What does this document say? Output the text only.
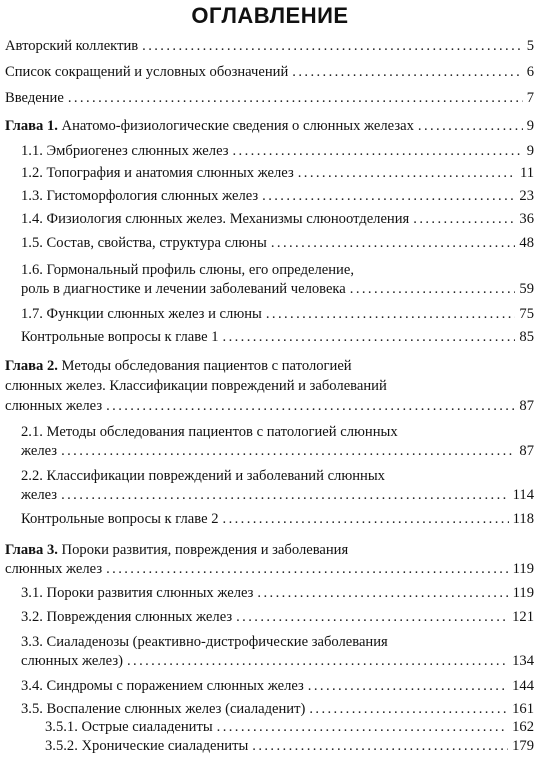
ОГЛАВЛЕНИЕ
Авторский коллектив .....	5
Список сокращений и условных обозначений .....	6
Введение .....	7
Глава 1. Анатомо-физиологические сведения о слюнных железах .....	9
1.1. Эмбриогенез слюнных желез .....	9
1.2. Топография и анатомия слюнных желез .....	11
1.3. Гистоморфология слюнных желез .....	23
1.4. Физиология слюнных желез. Механизмы слюноотделения .....	36
1.5. Состав, свойства, структура слюны .....	48
1.6. Гормональный профиль слюны, его определение,
роль в диагностике и лечении заболеваний человека .....	59
1.7. Функции слюнных желез и слюны .....	75
Контрольные вопросы к главе 1 .....	85
Глава 2. Методы обследования пациентов с патологией
слюнных желез. Классификации повреждений и заболеваний
слюнных желез .....	87
2.1. Методы обследования пациентов с патологией слюнных
желез .....	87
2.2. Классификации повреждений и заболеваний слюнных
желез .....	114
Контрольные вопросы к главе 2 .....	118
Глава 3. Пороки развития, повреждения и заболевания
слюнных желез .....	119
3.1. Пороки развития слюнных желез .....	119
3.2. Повреждения слюнных желез .....	121
3.3. Сиаладенозы (реактивно-дистрофические заболевания
слюнных желез) .....	134
3.4. Синдромы с поражением слюнных желез .....	144
3.5. Воспаление слюнных желез (сиаладенит) .....	161
3.5.1. Острые сиаладениты .....	162
3.5.2. Хронические сиаладениты .....	179
